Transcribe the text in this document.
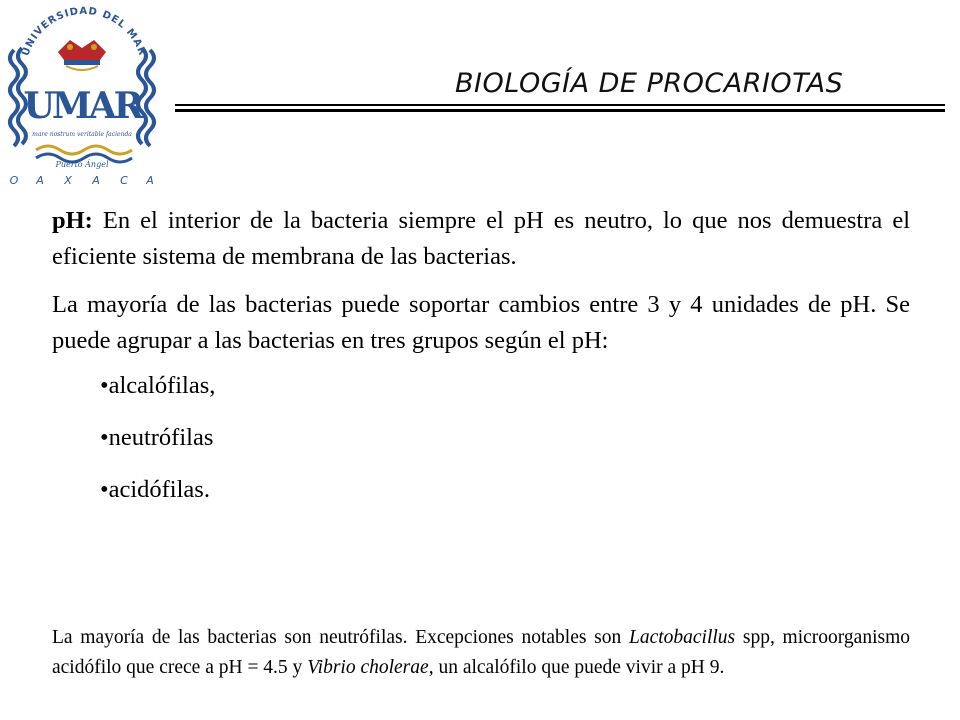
UNIVERSIDAD DEL MAR
UMAR
mare nostrum veritable facienda
Puerto Ángel
O A X A C A
BIOLOGÍA DE PROCARIOTAS

pH: En el interior de la bacteria siempre el pH es neutro, lo que nos demuestra el eficiente sistema de membrana de las bacterias.

La mayoría de las bacterias puede soportar cambios entre 3 y 4 unidades de pH. Se puede agrupar a las bacterias en tres grupos según el pH:

•alcalófilas,
•neutrófilas
•acidófilas.

La mayoría de las bacterias son neutrófilas. Excepciones notables son Lactobacillus spp, microorganismo acidófilo que crece a pH = 4.5 y Vibrio cholerae, un alcalófilo que puede vivir a pH 9.
